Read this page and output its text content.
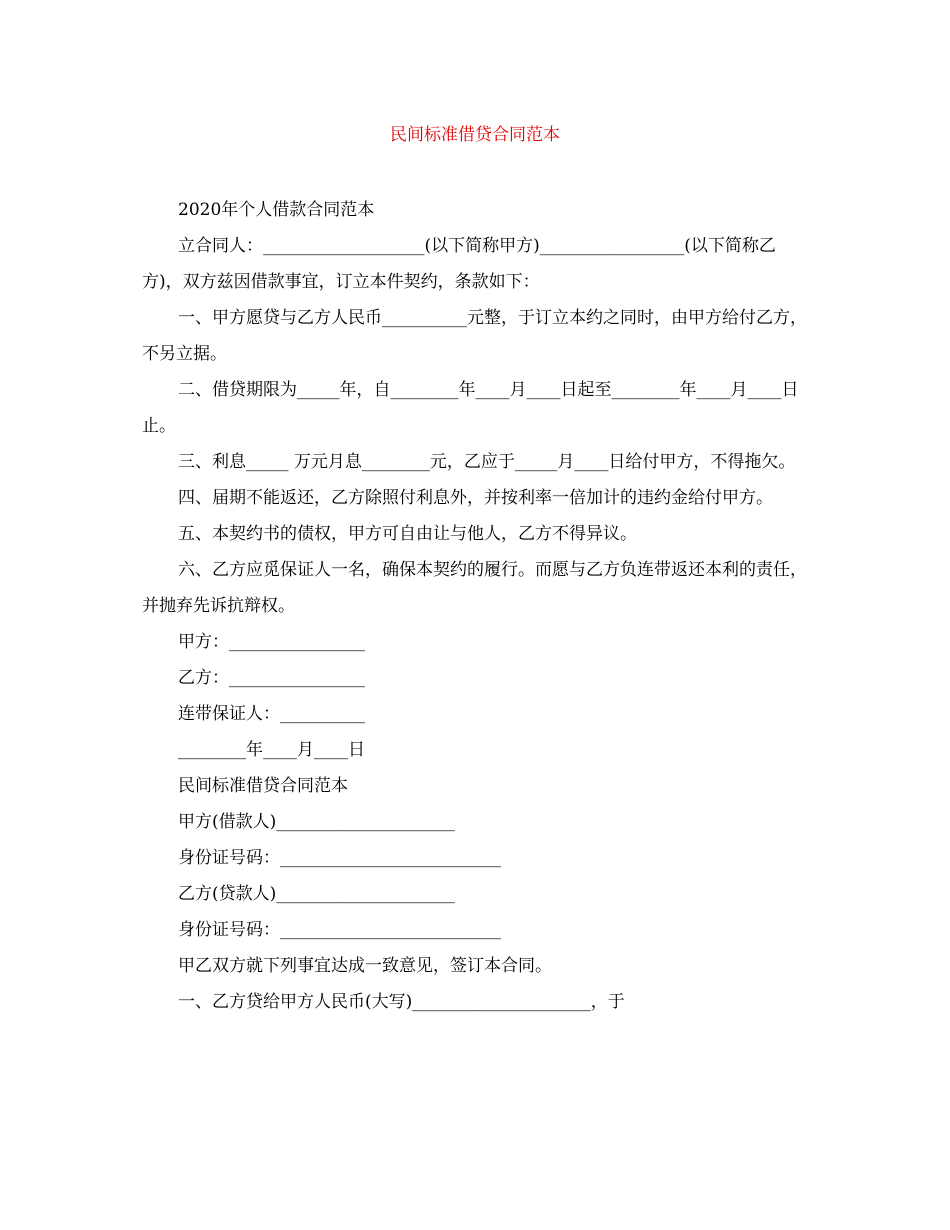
民间标准借贷合同范本

2020年个人借款合同范本

立合同人：___________________(以下简称甲方)_________________(以下简称乙方)，双方兹因借款事宜，订立本件契约，条款如下：

一、甲方愿贷与乙方人民币__________元整，于订立本约之同时，由甲方给付乙方，不另立据。

二、借贷期限为_____年，自________年____月____日起至________年____月____日止。

三、利息_____ 万元月息________元，乙应于_____月____日给付甲方，不得拖欠。

四、届期不能返还，乙方除照付利息外，并按利率一倍加计的违约金给付甲方。

五、本契约书的债权，甲方可自由让与他人，乙方不得异议。

六、乙方应觅保证人一名，确保本契约的履行。而愿与乙方负连带返还本利的责任，并抛弃先诉抗辩权。

甲方：________________

乙方：________________

连带保证人：__________

________年____月____日

民间标准借贷合同范本

甲方(借款人)_____________________

身份证号码：__________________________

乙方(贷款人)_____________________

身份证号码：__________________________

甲乙双方就下列事宜达成一致意见，签订本合同。

一、乙方贷给甲方人民币(大写)_____________________，于
